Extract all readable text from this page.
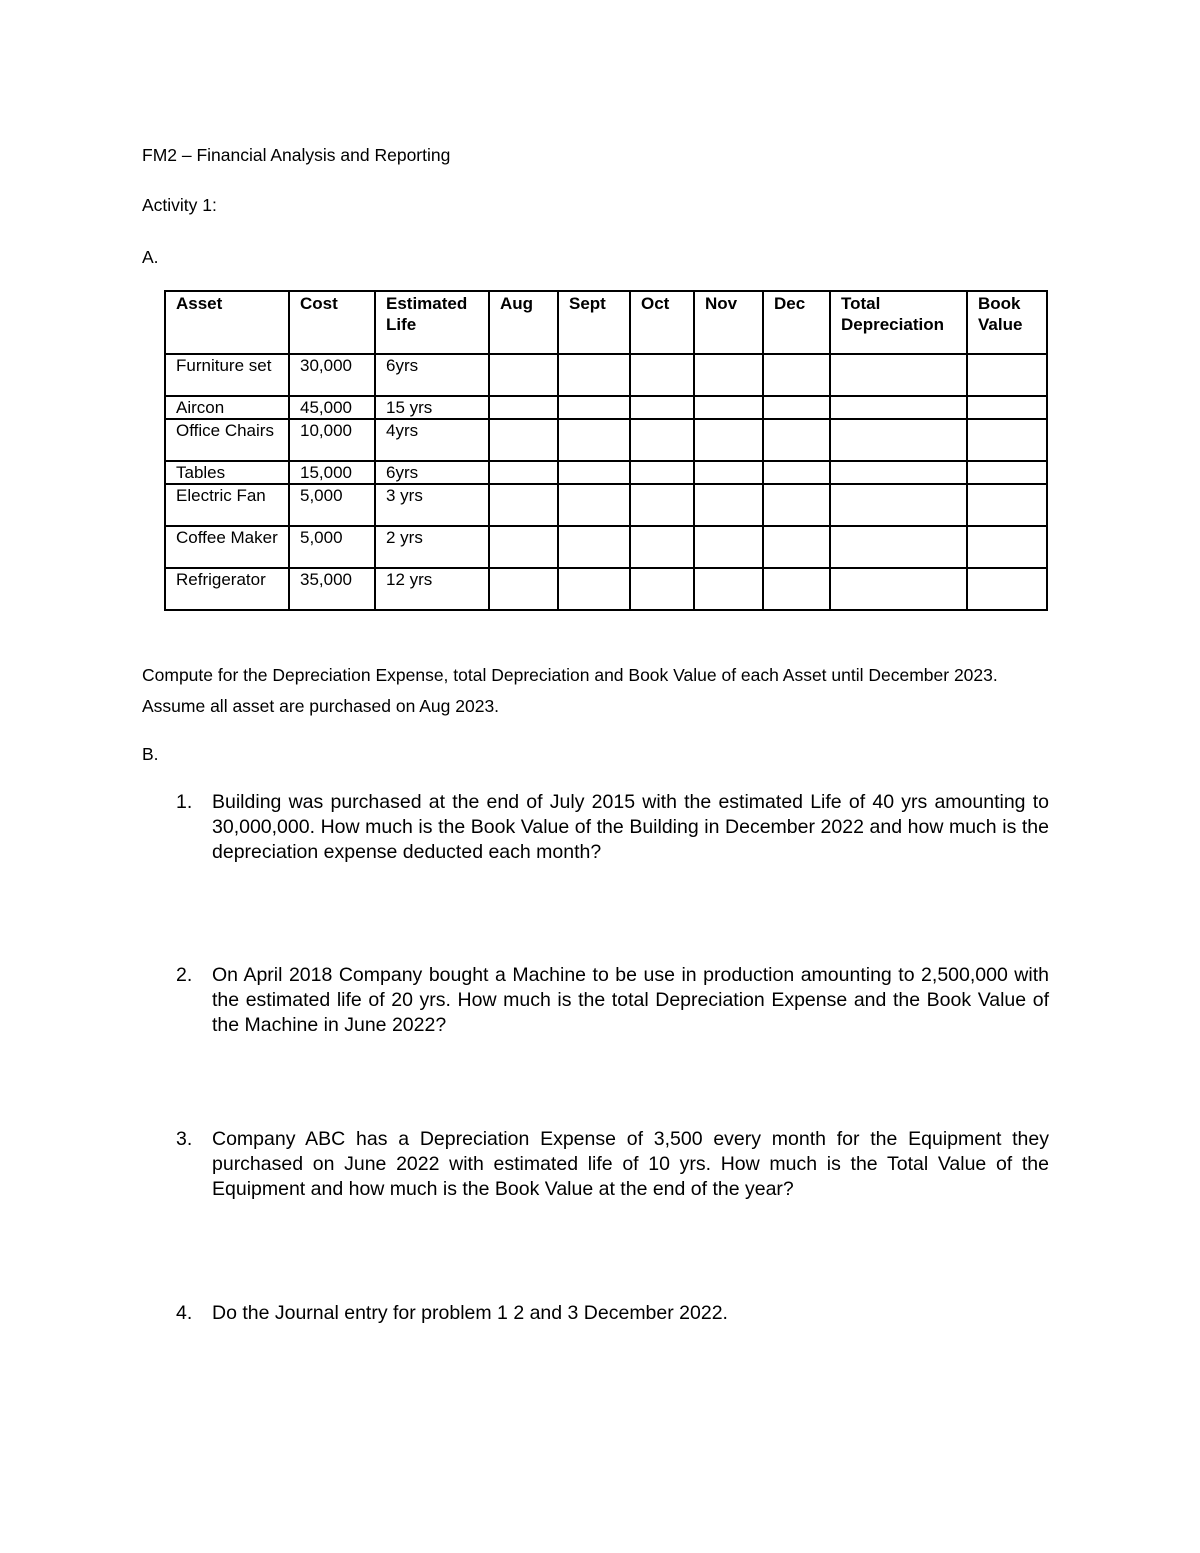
FM2 – Financial Analysis and Reporting

Activity 1:

A.

Asset	Cost	Estimated Life	Aug	Sept	Oct	Nov	Dec	Total Depreciation	Book Value
Furniture set	30,000	6yrs							
Aircon	45,000	15 yrs							
Office Chairs	10,000	4yrs							
Tables	15,000	6yrs							
Electric Fan	5,000	3 yrs							
Coffee Maker	5,000	2 yrs							
Refrigerator	35,000	12 yrs							

Compute for the Depreciation Expense, total Depreciation and Book Value of each Asset until December 2023. Assume all asset are purchased on Aug 2023.

B.

1. Building was purchased at the end of July 2015 with the estimated Life of 40 yrs amounting to 30,000,000. How much is the Book Value of the Building in December 2022 and how much is the depreciation expense deducted each month?
2. On April 2018 Company bought a Machine to be use in production amounting to 2,500,000 with the estimated life of 20 yrs. How much is the total Depreciation Expense and the Book Value of the Machine in June 2022?
3. Company ABC has a Depreciation Expense of 3,500 every month for the Equipment they purchased on June 2022 with estimated life of 10 yrs. How much is the Total Value of the Equipment and how much is the Book Value at the end of the year?
4. Do the Journal entry for problem 1 2 and 3 December 2022.
